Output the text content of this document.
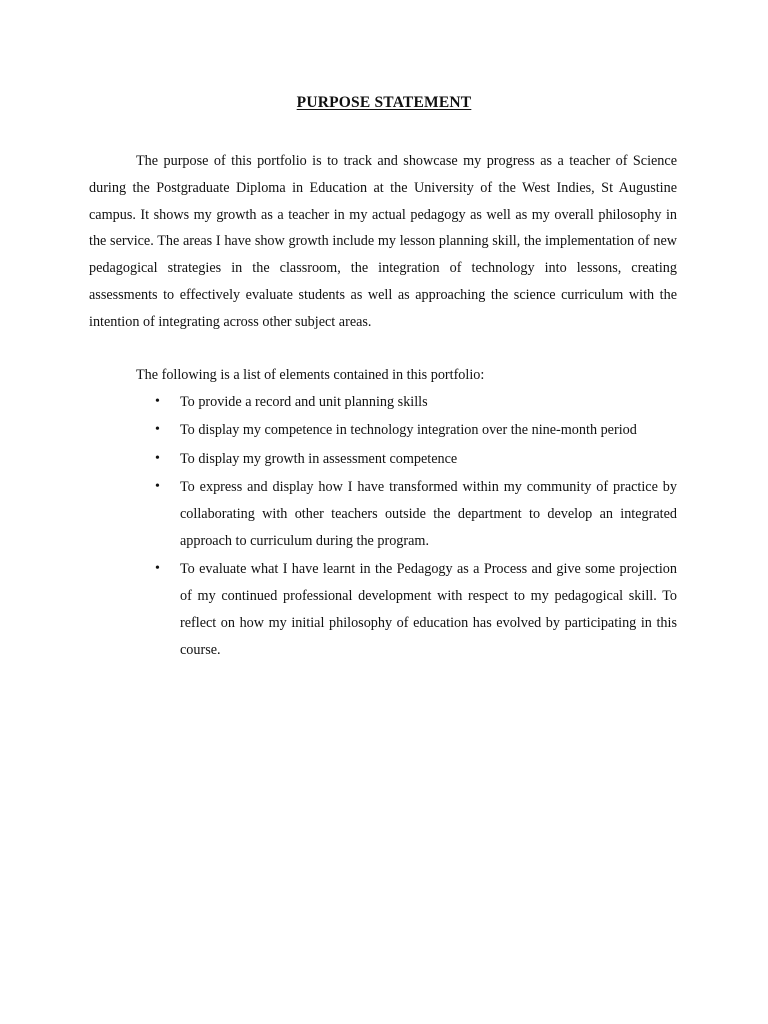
PURPOSE STATEMENT

The purpose of this portfolio is to track and showcase my progress as a teacher of Science during the Postgraduate Diploma in Education at the University of the West Indies, St Augustine campus. It shows my growth as a teacher in my actual pedagogy as well as my overall philosophy in the service. The areas I have show growth include my lesson planning skill, the implementation of new pedagogical strategies in the classroom, the integration of technology into lessons, creating assessments to effectively evaluate students as well as approaching the science curriculum with the intention of integrating across other subject areas.

The following is a list of elements contained in this portfolio:

• To provide a record and unit planning skills
• To display my competence in technology integration over the nine-month period
• To display my growth in assessment competence
• To express and display how I have transformed within my community of practice by collaborating with other teachers outside the department to develop an integrated approach to curriculum during the program.
• To evaluate what I have learnt in the Pedagogy as a Process and give some projection of my continued professional development with respect to my pedagogical skill. To reflect on how my initial philosophy of education has evolved by participating in this course.
